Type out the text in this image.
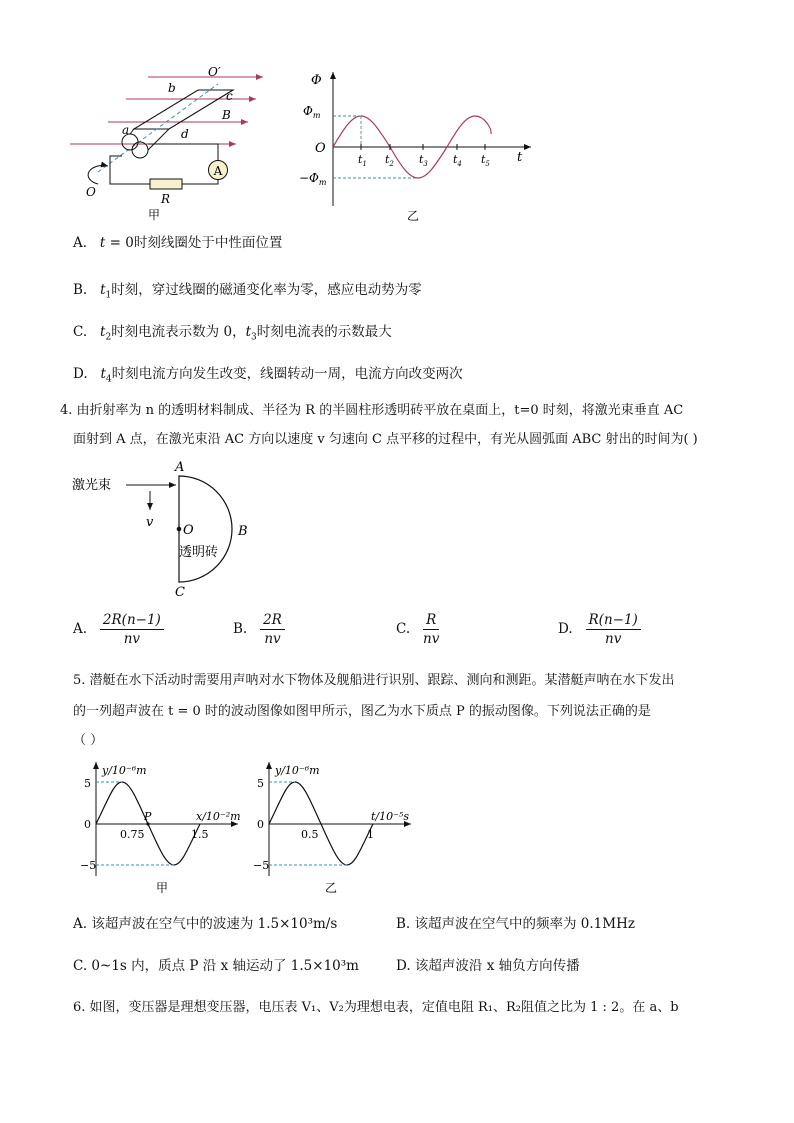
A
O′
b
c
B
a	d
O	R
甲
Φ
t
O
$\Phi_m$
$-\Phi_m$
$t_1$ $t_2$ $t_3$ $t_4$ $t_5$
乙
A. t = 0时刻线圈处于中性面位置
B. $t_1$时刻，穿过线圈的磁通变化率为零，感应电动势为零
C. $t_2$时刻电流表示数为 0，$t_3$时刻电流表的示数最大
D. $t_4$时刻电流方向发生改变，线圈转动一周，电流方向改变两次
4. 由折射率为 n 的透明材料制成、半径为 R 的半圆柱形透明砖平放在桌面上，t=0 时刻，将激光束垂直 AC
面射到 A 点，在激光束沿 AC 方向以速度 v 匀速向 C 点平移的过程中，有光从圆弧面 ABC 射出的时间为( )
激光束
A
v
O	B
透明砖
C
A. $\frac{2R(n-1)}{nv}$	B. $\frac{2R}{nv}$	C. $\frac{R}{nv}$	D. $\frac{R(n-1)}{nv}$
5. 潜艇在水下活动时需要用声呐对水下物体及舰船进行识别、跟踪、测向和测距。某潜艇声呐在水下发出
的一列超声波在 t = 0 时的波动图像如图甲所示，图乙为水下质点 P 的振动图像。下列说法正确的是
（ ）
y/10⁻⁶m
x/10⁻²m
5
−5
0
P
0.75	1.5
甲
y/10⁻⁶m
t/10⁻⁵s
5
−5
0
0.5	1
乙
A. 该超声波在空气中的波速为 1.5×10³m/s	B. 该超声波在空气中的频率为 0.1MHz
C. 0~1s 内，质点 P 沿 x 轴运动了 1.5×10³m	D. 该超声波沿 x 轴负方向传播
6. 如图，变压器是理想变压器，电压表 V₁、V₂为理想电表，定值电阻 R₁、R₂阻值之比为 1 : 2。在 a、b
